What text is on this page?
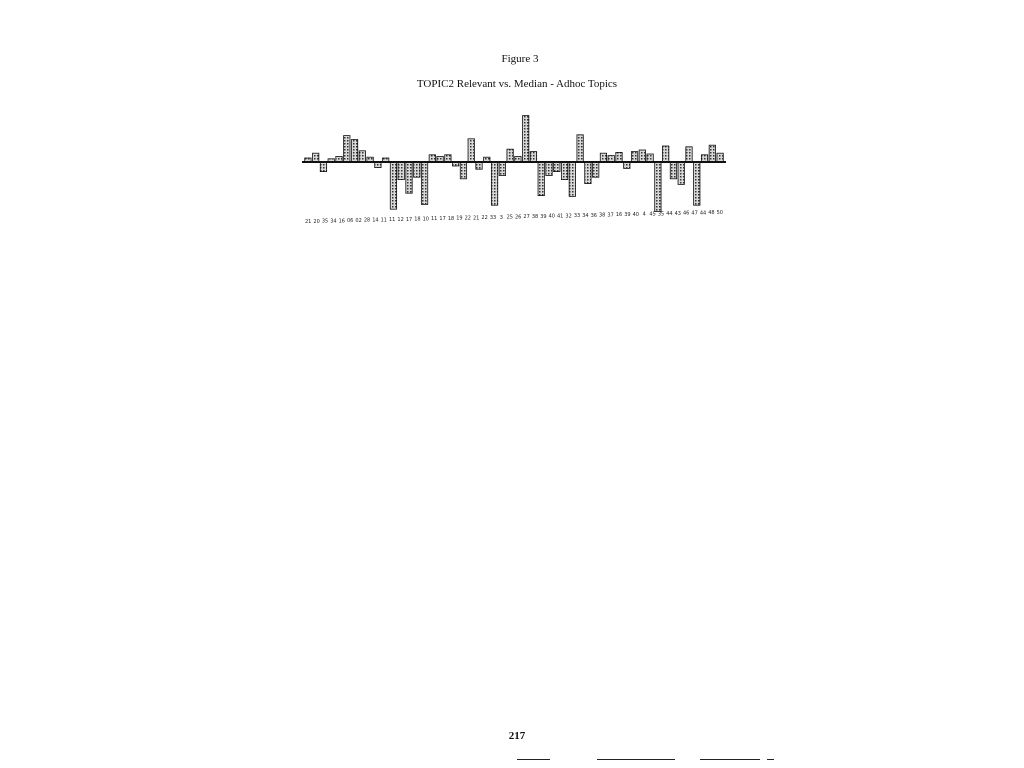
Figure 3
TOPIC2 Relevant vs. Median - Adhoc Topics
21 20 35 34 16 06 02 28 14 11 11 12 17 18 10 11 17 18 19 22 21 22 33 3 25 26 27 38 39 40 41 32 33 34 36 38 37 16 39 40 4 45 35 44 43 46 47 44 48 50
217
